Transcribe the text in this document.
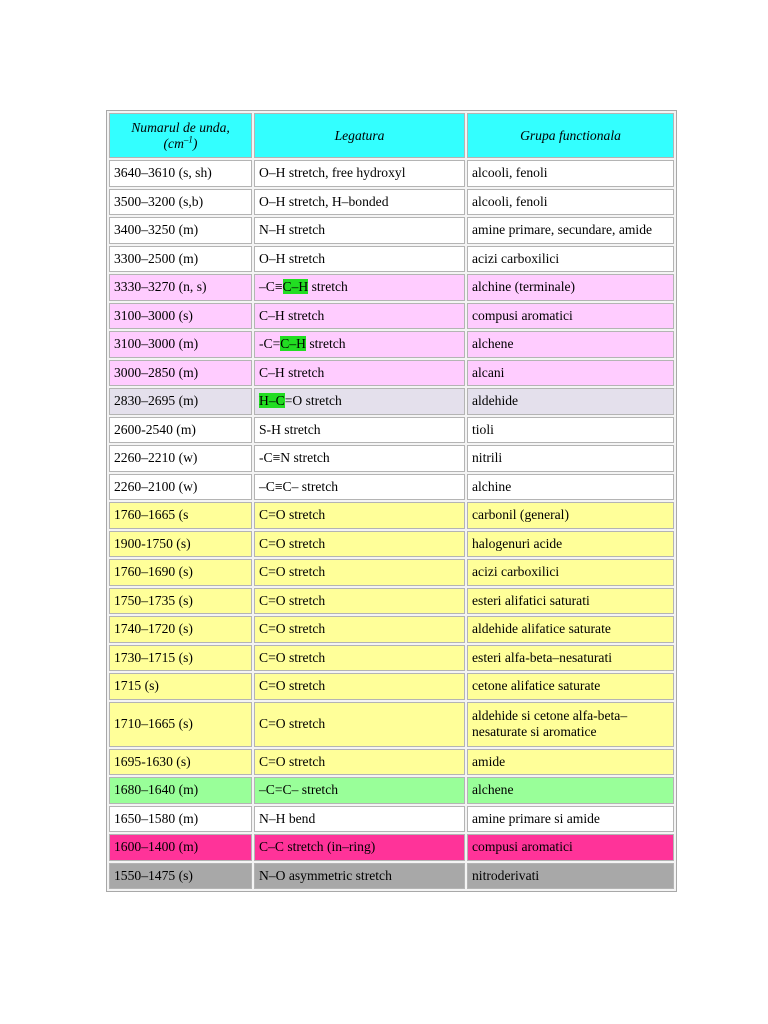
Numarul de unda,
$(cm^{-1})$	Legatura	Grupa functionala
3640–3610 (s, sh)	O–H stretch, free hydroxyl	alcooli, fenoli
3500–3200 (s,b)	O–H stretch, H–bonded	alcooli, fenoli
3400–3250 (m)	N–H stretch	amine primare, secundare, amide
3300–2500 (m)	O–H stretch	acizi carboxilici
3330–3270 (n, s)	–C≡C–H stretch	alchine (terminale)
3100–3000 (s)	C–H stretch	compusi aromatici
3100–3000 (m)	-C=C–H stretch	alchene
3000–2850 (m)	C–H stretch	alcani
2830–2695 (m)	H–C=O stretch	aldehide
2600-2540 (m)	S-H stretch	tioli
2260–2210 (w)	-C≡N stretch	nitrili
2260–2100 (w)	–C≡C– stretch	alchine
1760–1665 (s	C=O stretch	carbonil (general)
1900-1750 (s)	C=O stretch	halogenuri acide
1760–1690 (s)	C=O stretch	acizi carboxilici
1750–1735 (s)	C=O stretch	esteri alifatici saturati
1740–1720 (s)	C=O stretch	aldehide alifatice saturate
1730–1715 (s)	C=O stretch	esteri alfa-beta–nesaturati
1715 (s)	C=O stretch	cetone alifatice saturate
1710–1665 (s)	C=O stretch	aldehide si cetone alfa-beta–
nesaturate si aromatice
1695-1630 (s)	C=O stretch	amide
1680–1640 (m)	–C=C– stretch	alchene
1650–1580 (m)	N–H bend	amine primare si amide
1600–1400 (m)	C–C stretch (in–ring)	compusi aromatici
1550–1475 (s)	N–O asymmetric stretch	nitroderivati
